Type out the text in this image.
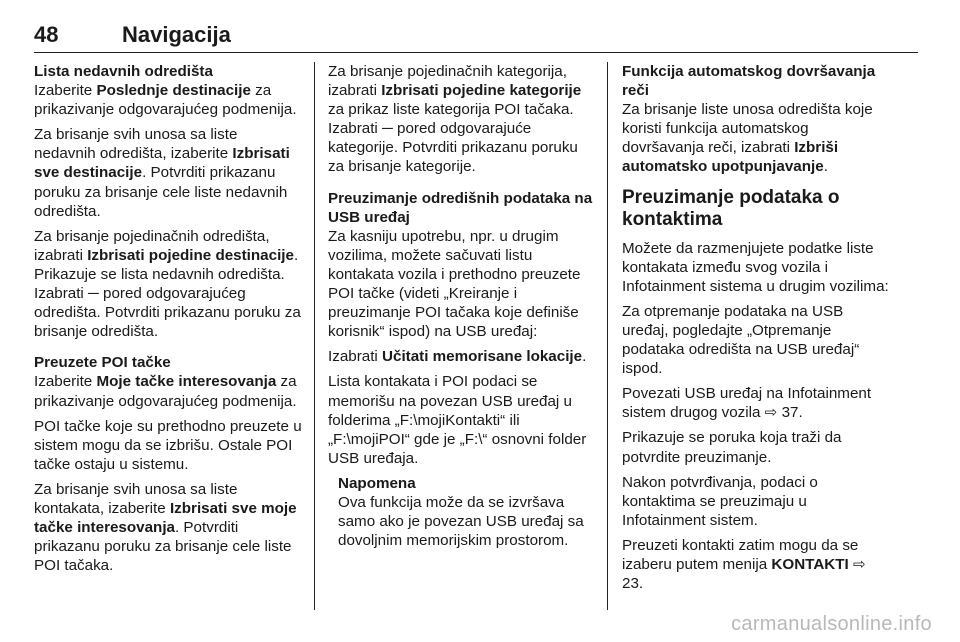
48	Navigacija

Lista nedavnih odredišta

Izaberite Poslednje destinacije za prikazivanje odgovarajućeg podmenija.

Za brisanje svih unosa sa liste nedavnih odredišta, izaberite Izbrisati sve destinacije. Potvrditi prikazanu poruku za brisanje cele liste nedavnih odredišta.

Za brisanje pojedinačnih odredišta, izabrati Izbrisati pojedine destinacije. Prikazuje se lista nedavnih odredišta. Izabrati ─ pored odgovarajućeg odredišta. Potvrditi prikazanu poruku za brisanje odredišta.

Preuzete POI tačke

Izaberite Moje tačke interesovanja za prikazivanje odgovarajućeg podmenija.

POI tačke koje su prethodno preuzete u sistem mogu da se izbrišu. Ostale POI tačke ostaju u sistemu.

Za brisanje svih unosa sa liste kontakata, izaberite Izbrisati sve moje tačke interesovanja. Potvrditi prikazanu poruku za brisanje cele liste POI tačaka.

Za brisanje pojedinačnih kategorija, izabrati Izbrisati pojedine kategorije za prikaz liste kategorija POI tačaka. Izabrati ─ pored odgovarajuće kategorije. Potvrditi prikazanu poruku za brisanje kategorije.

Preuzimanje odredišnih podataka na USB uređaj

Za kasniju upotrebu, npr. u drugim vozilima, možete sačuvati listu kontakata vozila i prethodno preuzete POI tačke (videti „Kreiranje i preuzimanje POI tačaka koje definiše korisnik“ ispod) na USB uređaj:

Izabrati Učitati memorisane lokacije.

Lista kontakata i POI podaci se memorišu na povezan USB uređaj u folderima „F:\mojiKontakti“ ili „F:\mojiPOI“ gde je „F:\“ osnovni folder USB uređaja.

Napomena

Ova funkcija može da se izvršava samo ako je povezan USB uređaj sa dovoljnim memorijskim prostorom.

Funkcija automatskog dovršavanja reči

Za brisanje liste unosa odredišta koje koristi funkcija automatskog dovršavanja reči, izabrati Izbriši automatsko upotpunjavanje.

Preuzimanje podataka o kontaktima

Možete da razmenjujete podatke liste kontakata između svog vozila i Infotainment sistema u drugim vozilima:

Za otpremanje podataka na USB uređaj, pogledajte „Otpremanje podataka odredišta na USB uređaj“ ispod.

Povezati USB uređaj na Infotainment sistem drugog vozila ⇨ 37.

Prikazuje se poruka koja traži da potvrdite preuzimanje.

Nakon potvrđivanja, podaci o kontaktima se preuzimaju u Infotainment sistem.

Preuzeti kontakti zatim mogu da se izaberu putem menija KONTAKTI ⇨ 23.

carmanualsonline.info
